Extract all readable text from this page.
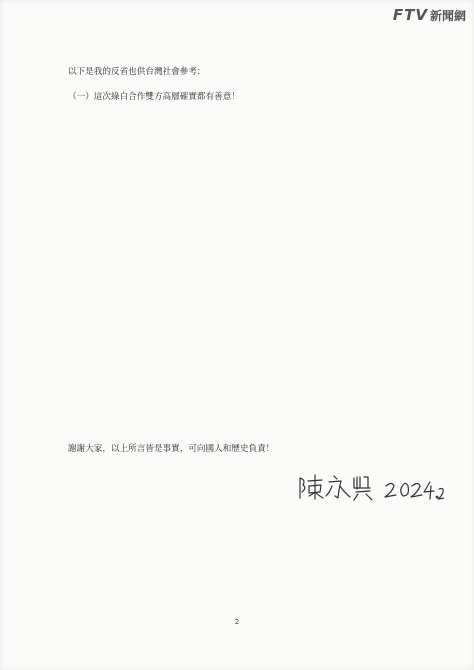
FTV 新聞網

以下是我的反省也供台灣社會參考：

（一）這次綠白合作雙方高層確實都有善意！

謝謝大家，以上所言皆是事實，可向國人和歷史負責！

2
